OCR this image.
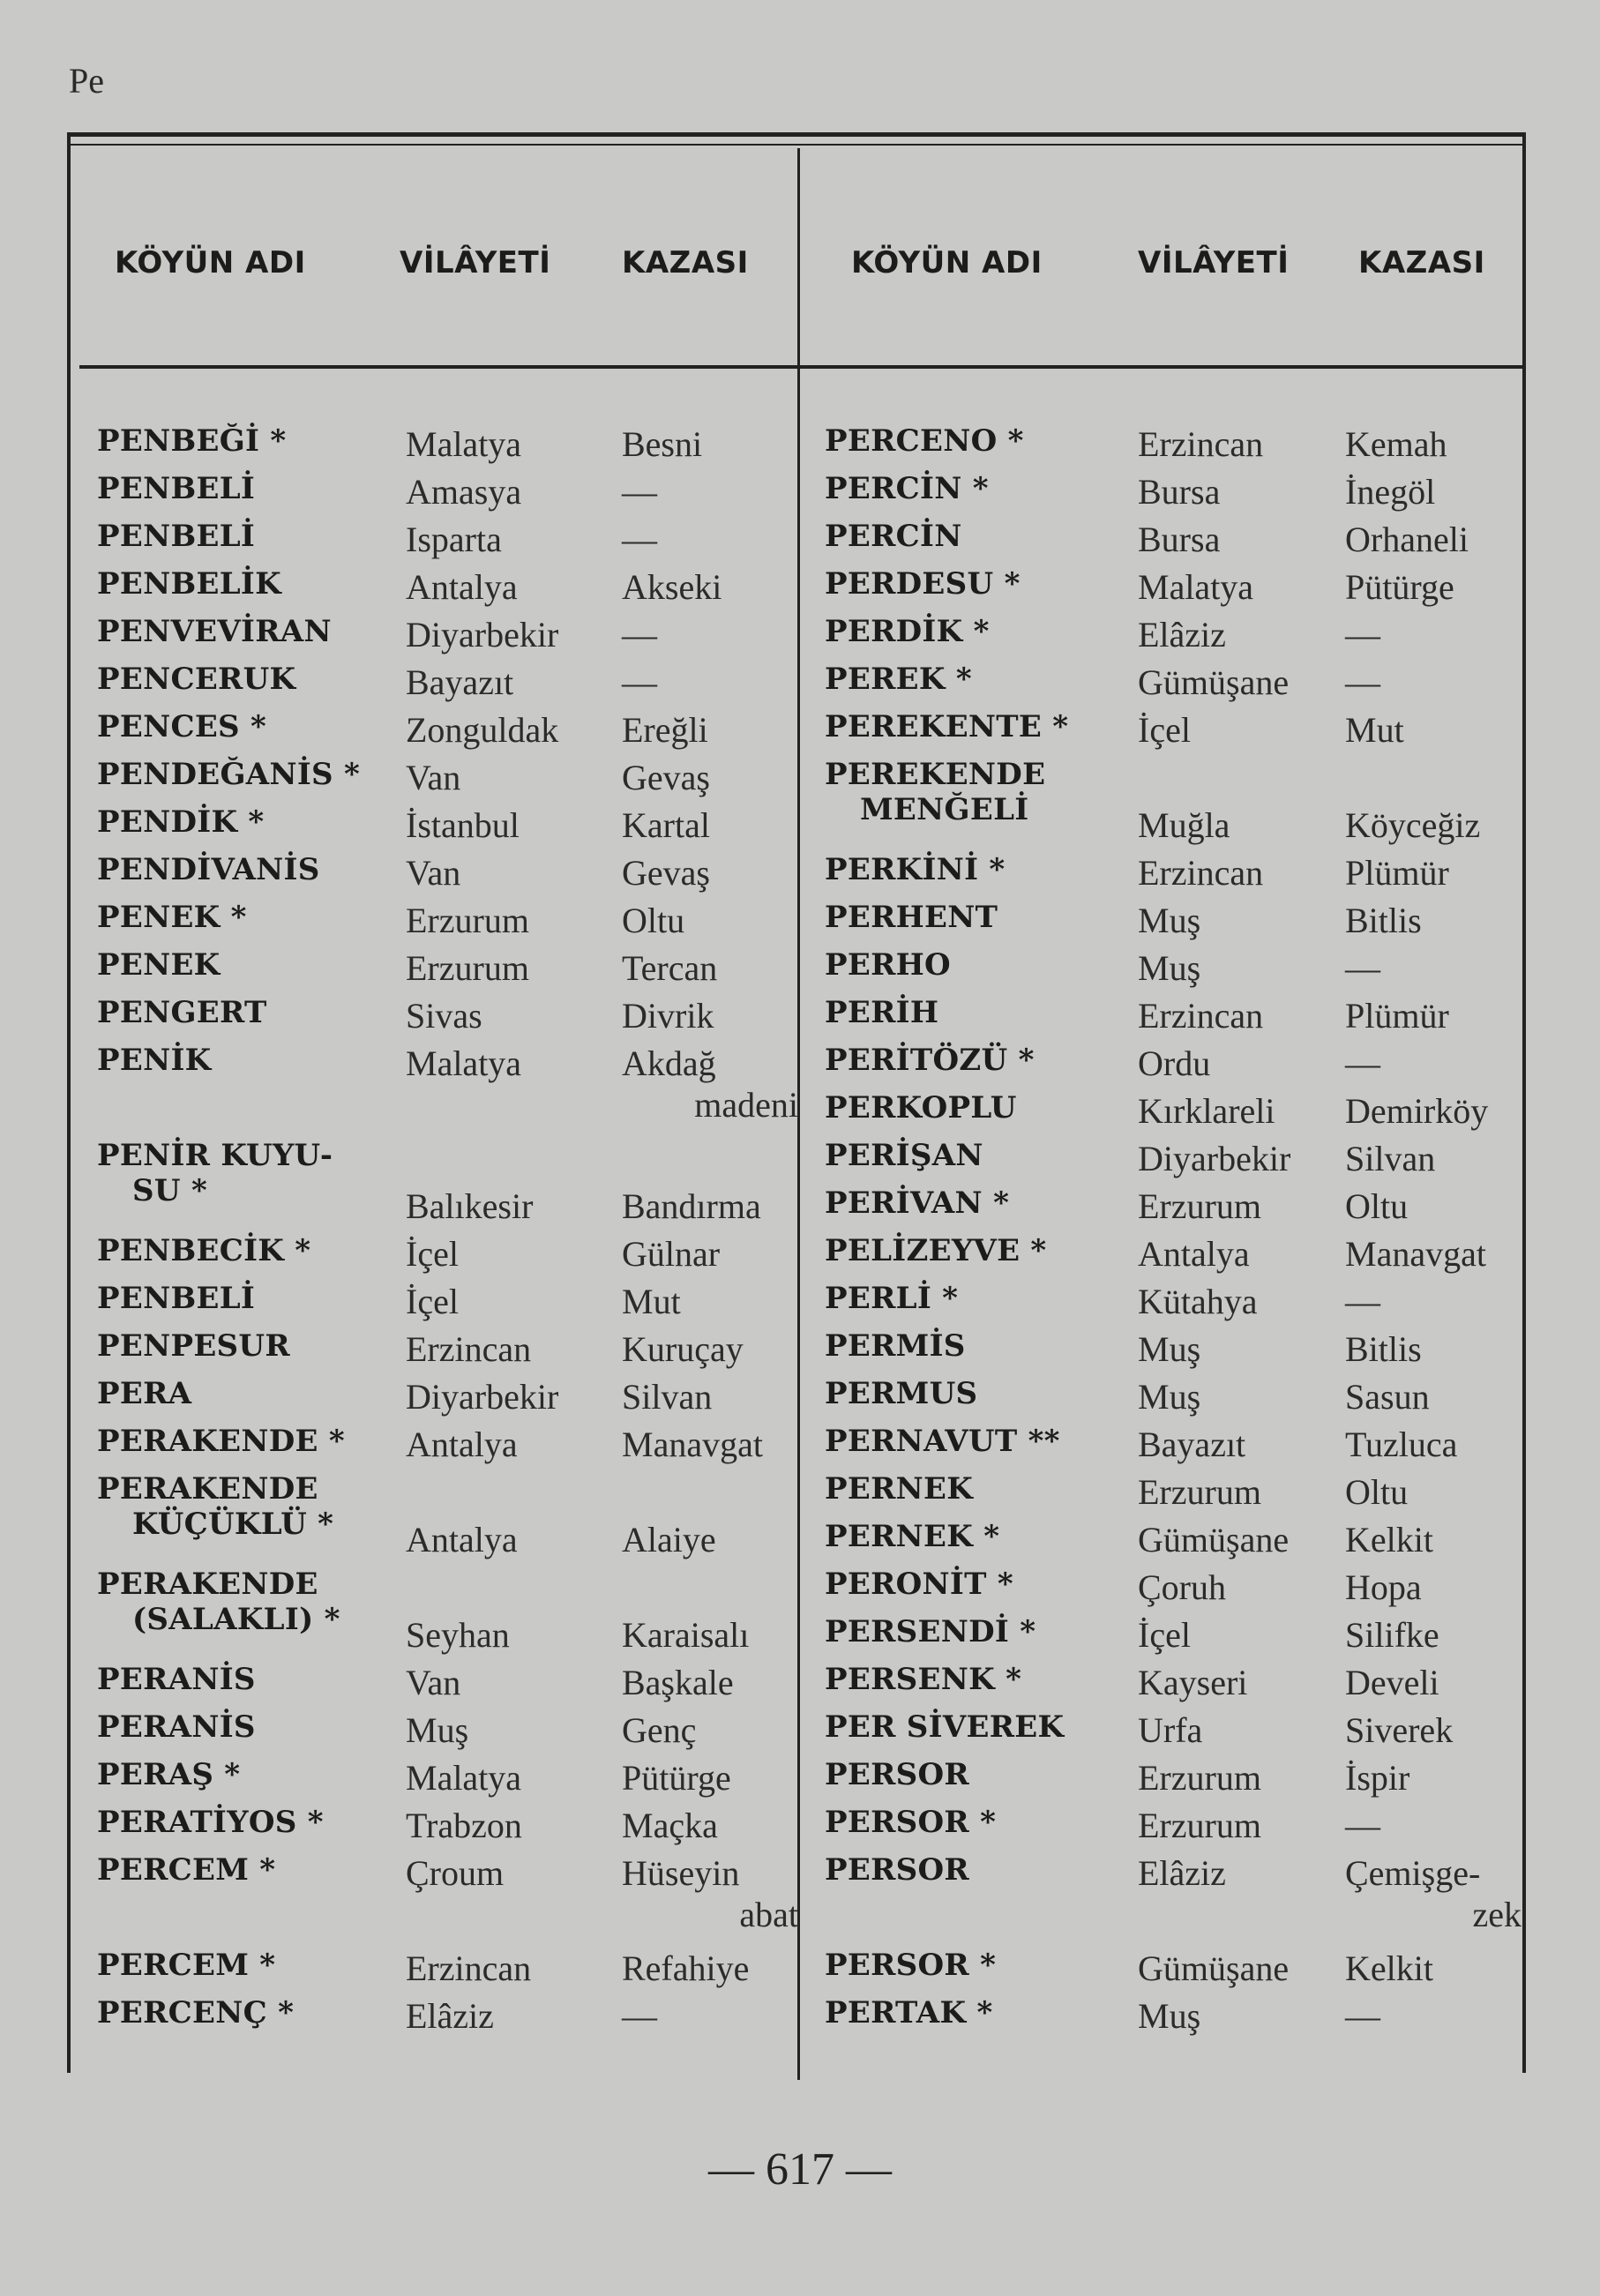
Pe
KÖYÜN ADI	VİLÂYETİ KAZASI	KÖYÜN ADI	VİLÂYETİ KAZASI
PENBEĞİ *	Malatya	Besni
PENBELİ	Amasya	—
PENBELİ	Isparta	—
PENBELİK	Antalya	Akseki
PENVEVİRAN Diyarbekir —
PENCERUK	Bayazıt	—
PENCES *	Zonguldak Ereğli
PENDEĞANİS * Van	Gevaş
PENDİK *	İstanbul	Kartal
PENDİVANİS Van	Gevaş
PENEK *	Erzurum	Oltu
PENEK	Erzurum	Tercan
PENGERT	Sivas	Divrik
PENİK	Malatya	Akdağ
madeni
PENİR KUYU-
SU *	Balıkesir	Bandırma
PENBECİK *	İçel	Gülnar
PENBELİ	İçel	Mut
PENPESUR	Erzincan	Kuruçay
PERA	Diyarbekir Silvan
PERAKENDE * Antalya	Manavgat
PERAKENDE
KÜÇÜKLÜ * Antalya	Alaiye
PERAKENDE
(SALAKLI) * Seyhan	Karaisalı
PERANİS	Van	Başkale
PERANİS	Muş	Genç
PERAŞ *	Malatya	Pütürge
PERATİYOS * Trabzon	Maçka
PERCEM *	Çroum	Hüseyin
abat
PERCEM *	Erzincan	Refahiye
PERCENÇ *	Elâziz	—
PERCENO *	Erzincan Kemah
PERCİN *	Bursa	İnegöl
PERCİN	Bursa	Orhaneli
PERDESU *	Malatya	Pütürge
PERDİK *	Elâziz	—
PEREK *	Gümüşane —
PEREKENTE * İçel	Mut
PEREKENDE
MENĞELİ	Muğla	Köyceğiz
PERKİNİ *	Erzincan Plümür
PERHENT	Muş	Bitlis
PERHO	Muş	—
PERİH	Erzincan Plümür
PERİTÖZÜ *	Ordu	—
PERKOPLU	Kırklareli Demirköy
PERİŞAN	Diyarbekir Silvan
PERİVAN *	Erzurum Oltu
PELİZEYVE *	Antalya	Manavgat
PERLİ *	Kütahya —
PERMİS	Muş	Bitlis
PERMUS	Muş	Sasun
PERNAVUT ** Bayazıt	Tuzluca
PERNEK	Erzurum Oltu
PERNEK *	Gümüşane Kelkit
PERONİT *	Çoruh	Hopa
PERSENDİ *	İçel	Silifke
PERSENK *	Kayseri	Develi
PER SİVEREK Urfa	Siverek
PERSOR	Erzurum İspir
PERSOR *	Erzurum —
PERSOR	Elâziz	Çemişge-
zek
PERSOR *	Gümüşane Kelkit
PERTAK *	Muş	—
— 617 —
